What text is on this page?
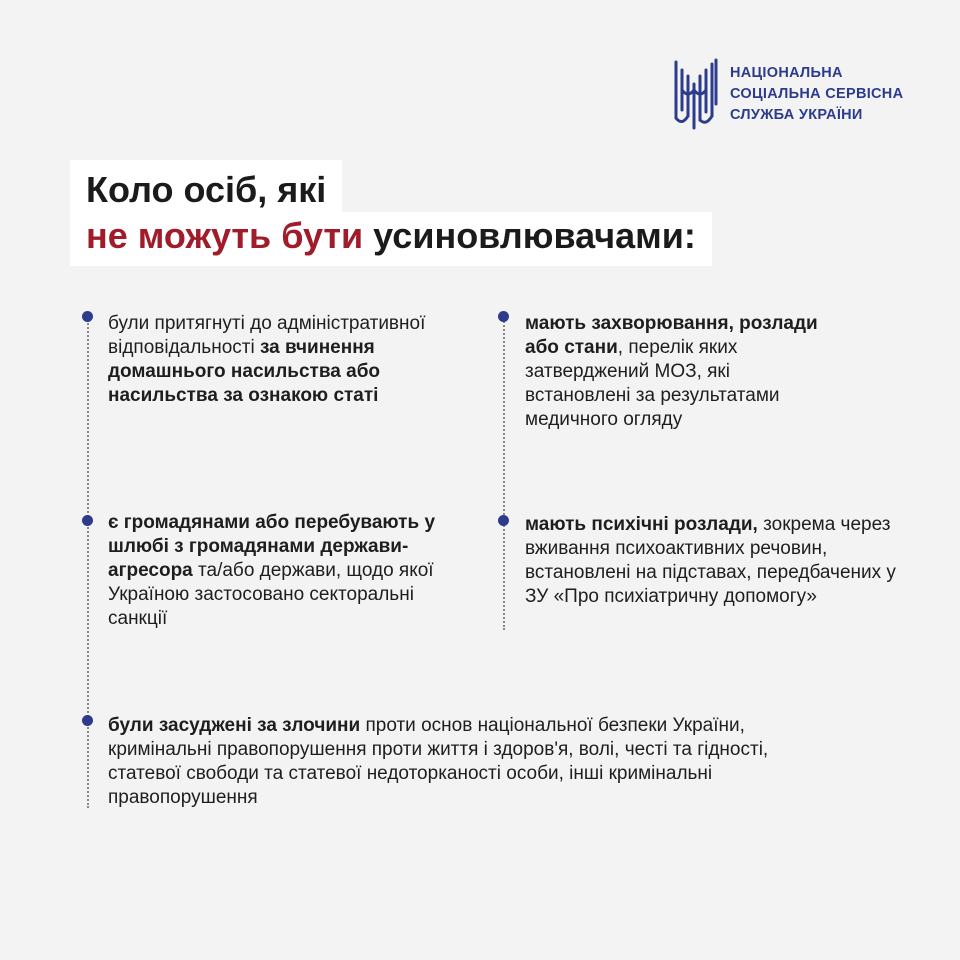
НАЦІОНАЛЬНА
СОЦІАЛЬНА СЕРВІСНА
СЛУЖБА УКРАЇНИ
Коло осіб, які
не можуть бути усиновлювачами:
були притягнуті до адміністративної відповідальності за вчинення домашнього насильства або насильства за ознакою статі
мають захворювання, розлади або стани, перелік яких затверджений МОЗ, які встановлені за результатами медичного огляду
є громадянами або перебувають у шлюбі з громадянами держави-агресора та/або держави, щодо якої Україною застосовано секторальні санкції
мають психічні розлади, зокрема через вживання психоактивних речовин, встановлені на підставах, передбачених у ЗУ «Про психіатричну допомогу»
були засуджені за злочини проти основ національної безпеки України, кримінальні правопорушення проти життя і здоров'я, волі, честі та гідності, статевої свободи та статевої недоторканості особи, інші кримінальні правопорушення
